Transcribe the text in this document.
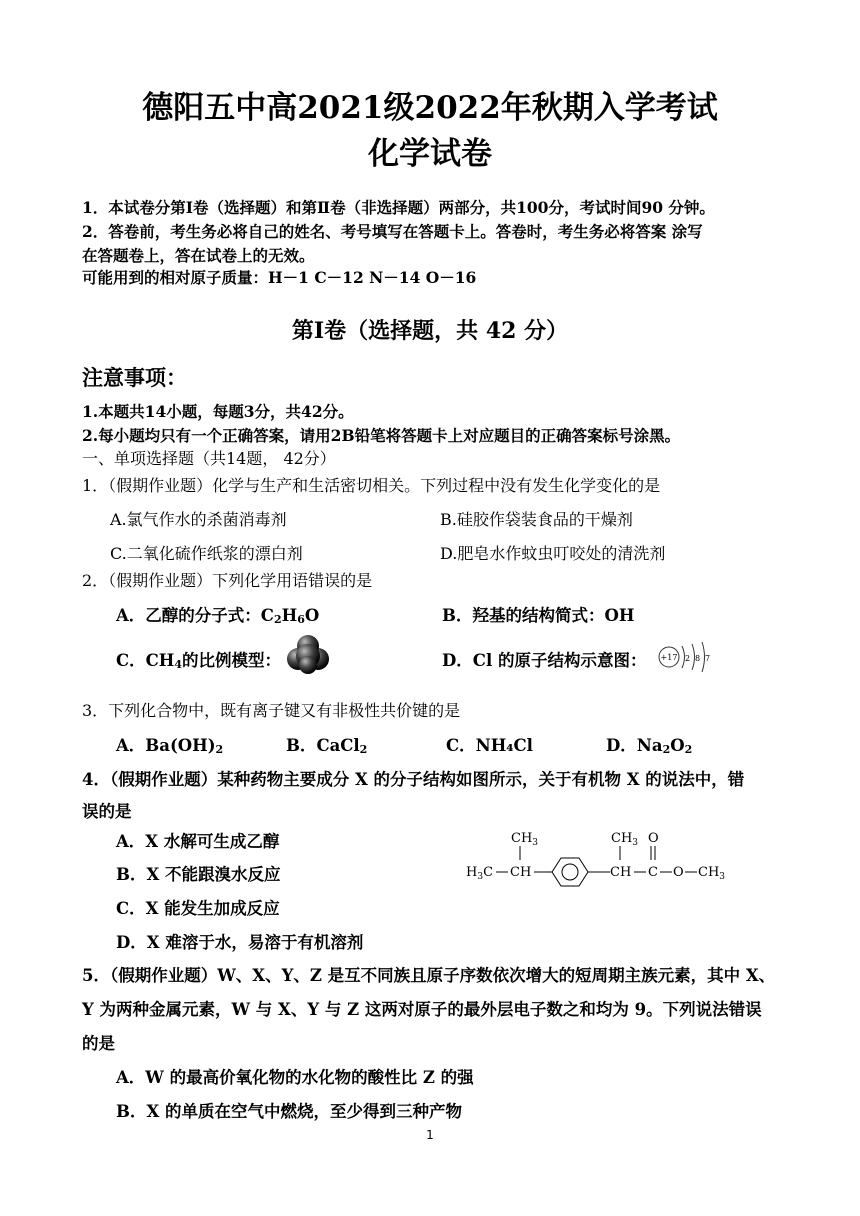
德阳五中高2021级2022年秋期入学考试
化学试卷
1．本试卷分第Ⅰ卷（选择题）和第Ⅱ卷（非选择题）两部分，共100分，考试时间90 分钟。
2．答卷前，考生务必将自己的姓名、考号填写在答题卡上。答卷时，考生务必将答案 涂写
在答题卷上，答在试卷上的无效。
可能用到的相对原子质量：H－1 C－12 N－14 O－16
第Ⅰ卷（选择题，共 42 分）
注意事项：
1.本题共14小题，每题3分，共42分。
2.每小题均只有一个正确答案，请用2B铅笔将答题卡上对应题目的正确答案标号涂黑。
一、单项选择题（共14题， 42分）
1．（假期作业题）化学与生产和生活密切相关。下列过程中没有发生化学变化的是
A.氯气作水的杀菌消毒剂	B.硅胶作袋装食品的干燥剂
C.二氧化硫作纸浆的漂白剂	D.肥皂水作蚊虫叮咬处的清洗剂
2．（假期作业题）下列化学用语错误的是
A．乙醇的分子式：$C_2H_6O$	B．羟基的结构简式：OH
C．$CH_4$的比例模型：	D．Cl 的原子结构示意图： +17 2 8 7
3．下列化合物中，既有离子键又有非极性共价键的是
A．$Ba(OH)_2$	B．CaCl$_2$	C．NH₄Cl	D．$Na_2O_2$
4．（假期作业题）某种药物主要成分 X 的分子结构如图所示，关于有机物 X 的说法中，错
误的是
A．X 水解可生成乙醇
B．X 不能跟溴水反应
C．X 能发生加成反应
D．X 难溶于水，易溶于有机溶剂
$CH_3$
$H_3C$ CH
$CH_3$
CH
O
C O $CH_3$
5．（假期作业题）W、X、Y、Z 是互不同族且原子序数依次增大的短周期主族元素，其中 X、
Y 为两种金属元素，W 与 X、Y 与 Z 这两对原子的最外层电子数之和均为 9。下列说法错误
的是
A．W 的最高价氧化物的水化物的酸性比 Z 的强
B．X 的单质在空气中燃烧，至少得到三种产物
1
